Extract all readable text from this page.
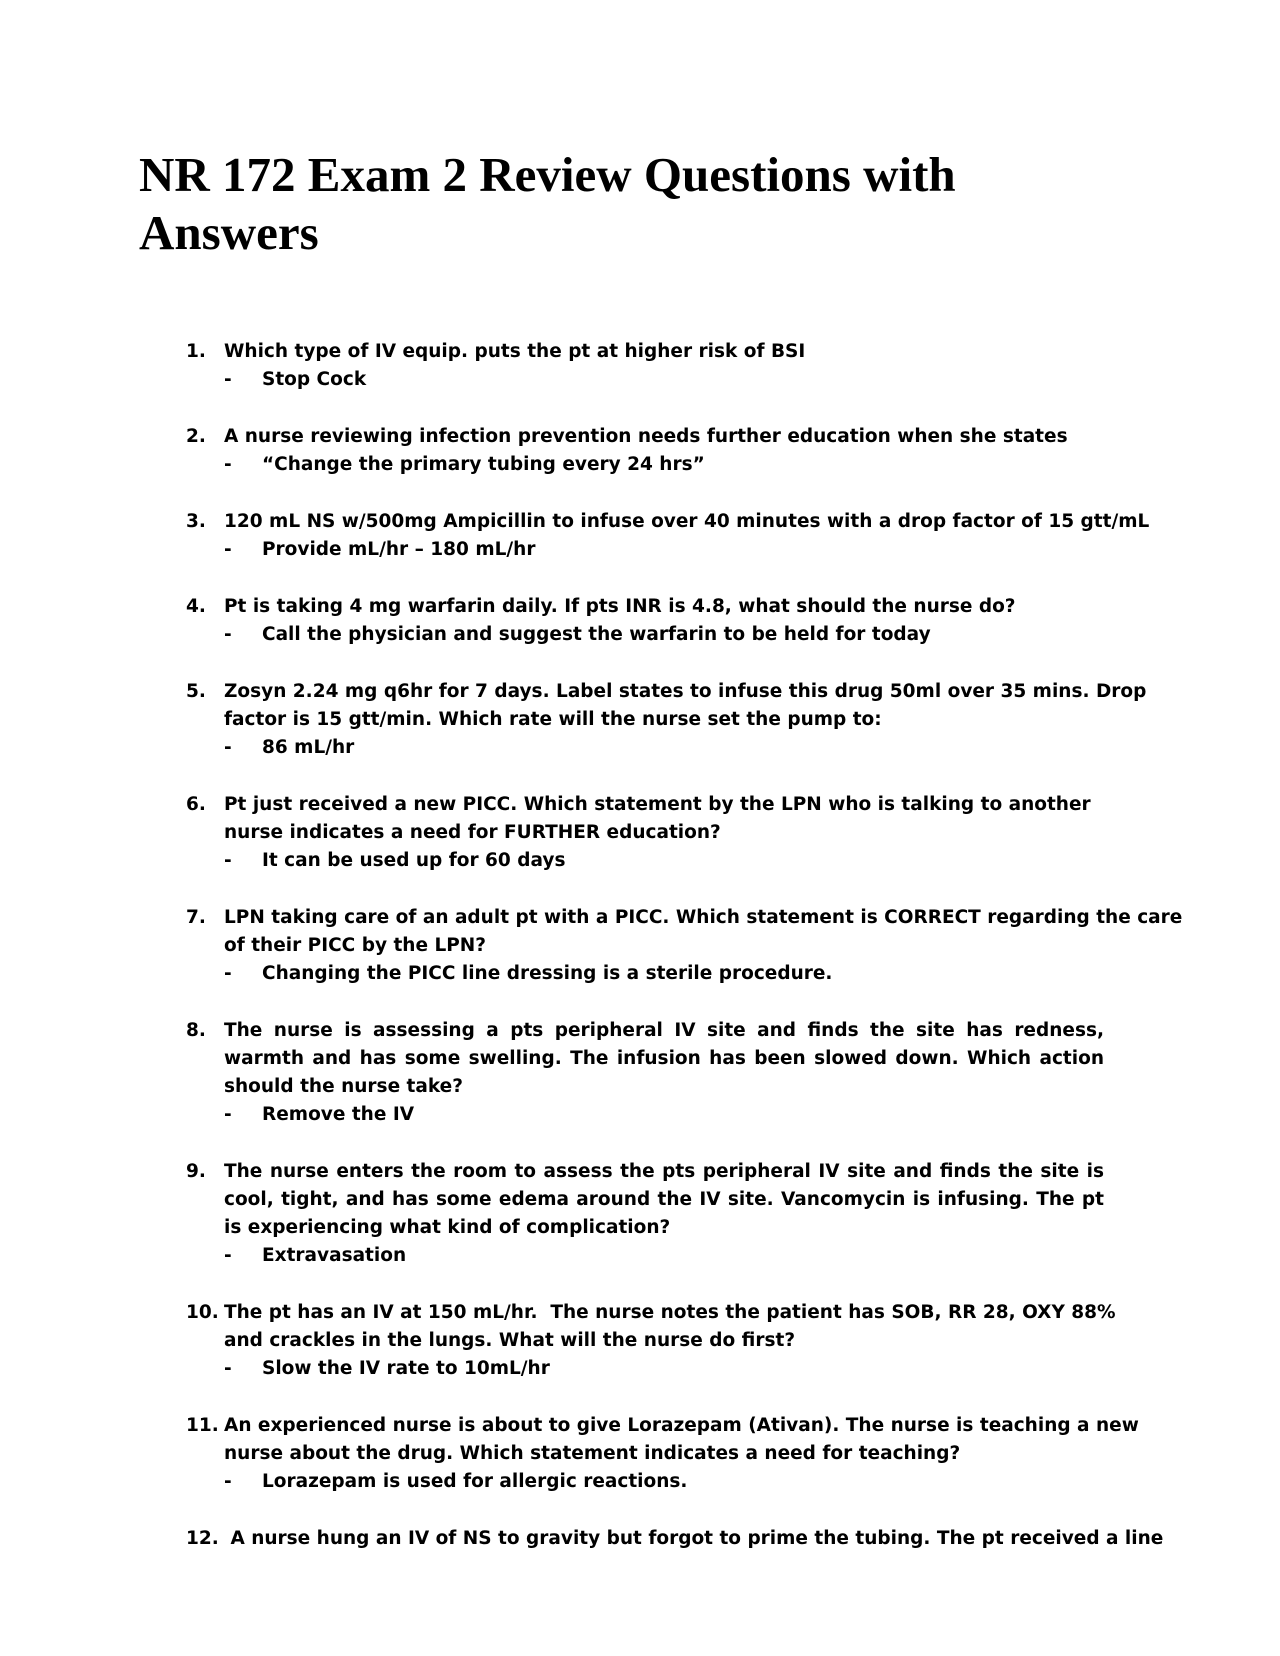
NR 172 Exam 2 Review Questions with Answers
1. Which type of IV equip. puts the pt at higher risk of BSI
- Stop Cock
2. A nurse reviewing infection prevention needs further education when she states
- “Change the primary tubing every 24 hrs”
3. 120 mL NS w/500mg Ampicillin to infuse over 40 minutes with a drop factor of 15 gtt/mL
- Provide mL/hr – 180 mL/hr
4. Pt is taking 4 mg warfarin daily. If pts INR is 4.8, what should the nurse do?
- Call the physician and suggest the warfarin to be held for today
5. Zosyn 2.24 mg q6hr for 7 days. Label states to infuse this drug 50ml over 35 mins. Drop
factor is 15 gtt/min. Which rate will the nurse set the pump to:
- 86 mL/hr
6. Pt just received a new PICC. Which statement by the LPN who is talking to another
nurse indicates a need for FURTHER education?
- It can be used up for 60 days
7. LPN taking care of an adult pt with a PICC. Which statement is CORRECT regarding the care
of their PICC by the LPN?
- Changing the PICC line dressing is a sterile procedure.
8. The nurse is assessing a pts peripheral IV site and finds the site has redness, warmth and has some swelling. The infusion has been slowed down. Which action should the nurse take?
- Remove the IV
9. The nurse enters the room to assess the pts peripheral IV site and finds the site is cool, tight, and has some edema around the IV site. Vancomycin is infusing. The pt is experiencing what kind of complication?
- Extravasation
10. The pt has an IV at 150 mL/hr.  The nurse notes the patient has SOB, RR 28, OXY 88%
and crackles in the lungs. What will the nurse do first?
- Slow the IV rate to 10mL/hr
11. An experienced nurse is about to give Lorazepam (Ativan). The nurse is teaching a new
nurse about the drug. Which statement indicates a need for teaching?
- Lorazepam is used for allergic reactions.
12. A nurse hung an IV of NS to gravity but forgot to prime the tubing. The pt received a line
